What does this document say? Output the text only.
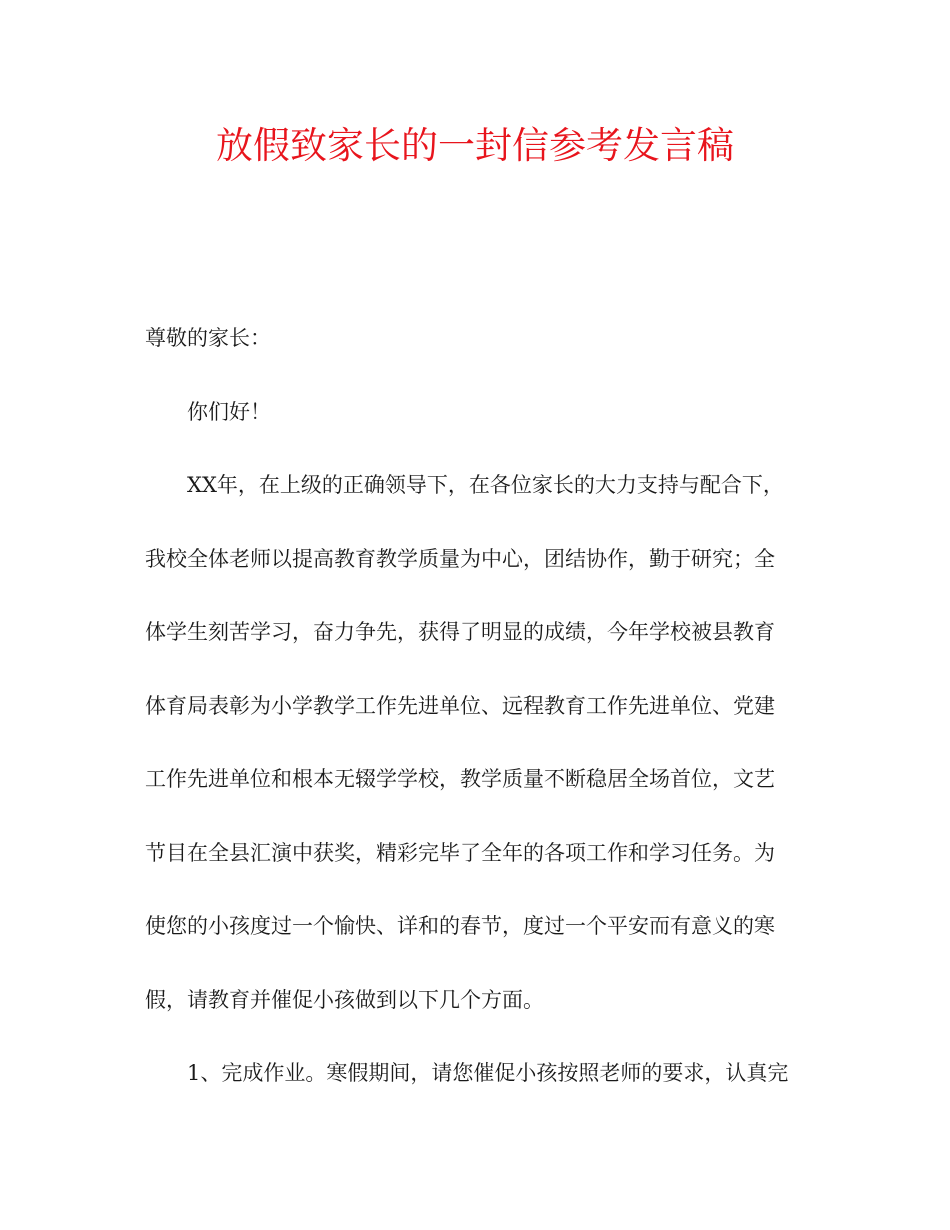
放假致家长的一封信参考发言稿
尊敬的家长：
你们好！
XX年，在上级的正确领导下，在各位家长的大力支持与配合下，
我校全体老师以提高教育教学质量为中心，团结协作，勤于研究；全
体学生刻苦学习，奋力争先，获得了明显的成绩，今年学校被县教育
体育局表彰为小学教学工作先进单位、远程教育工作先进单位、党建
工作先进单位和根本无辍学学校，教学质量不断稳居全场首位，文艺
节目在全县汇演中获奖，精彩完毕了全年的各项工作和学习任务。为
使您的小孩度过一个愉快、详和的春节，度过一个平安而有意义的寒
假，请教育并催促小孩做到以下几个方面。
1、完成作业。寒假期间，请您催促小孩按照老师的要求，认真完
